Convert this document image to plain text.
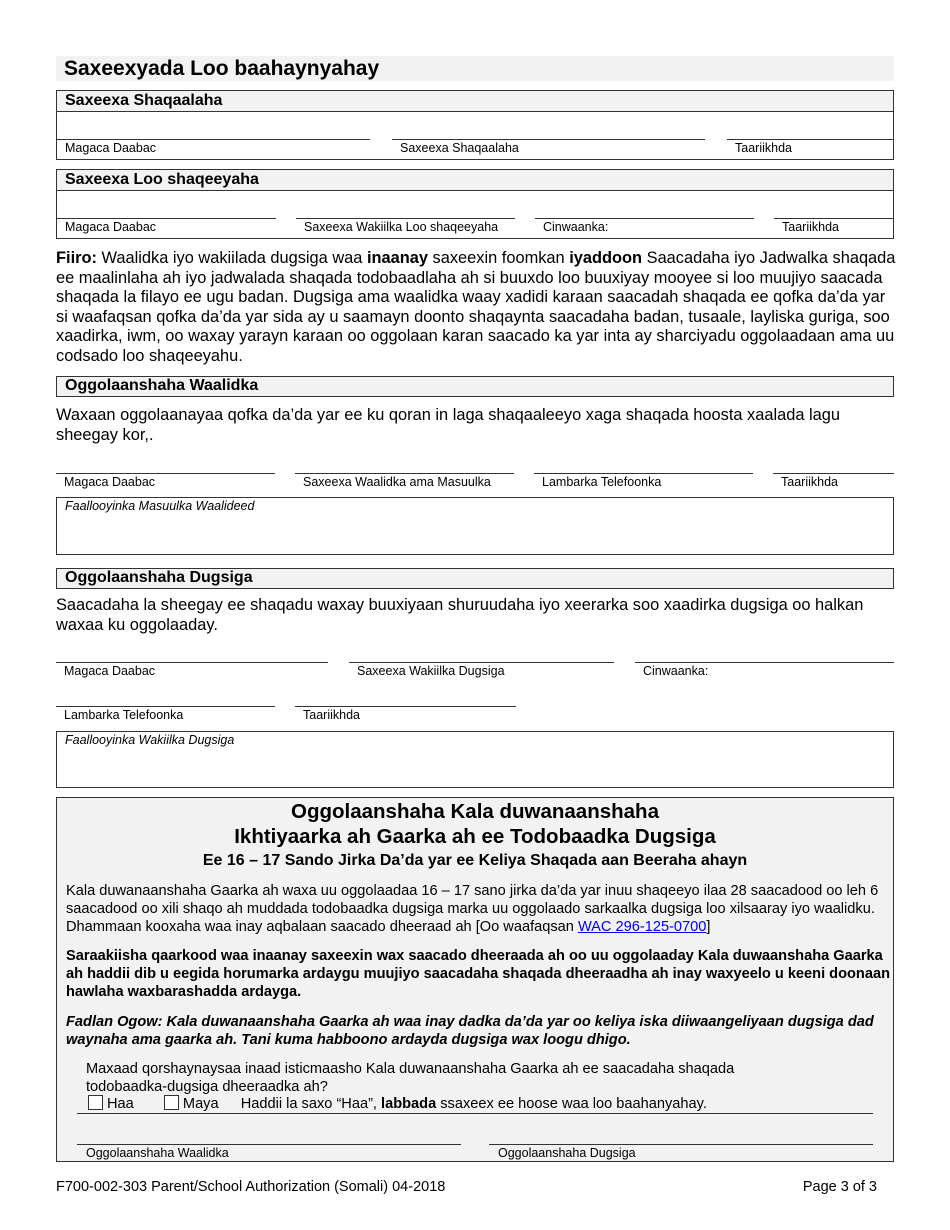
Saxeexyada Loo baahaynyahay
Saxeexa Shaqaalaha
Magaca Daabac	Saxeexa Shaqaalaha	Taariikhda
Saxeexa Loo shaqeeyaha
Magaca Daabac	Saxeexa Wakiilka Loo shaqeeyaha	Cinwaanka:	Taariikhda
Fiiro: Waalidka iyo wakiilada dugsiga waa inaanay saxeexin foomkan iyaddoon Saacadaha iyo Jadwalka shaqada ee maalinlaha ah iyo jadwalada shaqada todobaadlaha ah si buuxdo loo buuxiyay mooyee si loo muujiyo saacada shaqada la filayo ee ugu badan. Dugsiga ama waalidka waay xadidi karaan saacadah shaqada ee qofka da’da yar si waafaqsan qofka da’da yar sida ay u saamayn doonto shaqaynta saacadaha badan, tusaale, layliska guriga, soo xaadirka, iwm, oo waxay yarayn karaan oo oggolaan karan saacado ka yar inta ay sharciyadu oggolaadaan ama uu codsado loo shaqeeyahu.
Oggolaanshaha Waalidka
Waxaan oggolaanayaa qofka da’da yar ee ku qoran in laga shaqaaleeyo xaga shaqada hoosta xaalada lagu sheegay kor,.
Magaca Daabac	Saxeexa Waalidka ama Masuulka	Lambarka Telefoonka	Taariikhda
Faallooyinka Masuulka Waalideed
Oggolaanshaha Dugsiga
Saacadaha la sheegay ee shaqadu waxay buuxiyaan shuruudaha iyo xeerarka soo xaadirka dugsiga oo halkan waxaa ku oggolaaday.
Magaca Daabac	Saxeexa Wakiilka Dugsiga	Cinwaanka:
Lambarka Telefoonka	Taariikhda
Faallooyinka Wakiilka Dugsiga
Oggolaanshaha Kala duwanaanshaha
Ikhtiyaarka ah Gaarka ah ee Todobaadka Dugsiga
Ee 16 – 17 Sando Jirka Da’da yar ee Keliya Shaqada aan Beeraha ahayn
Kala duwanaanshaha Gaarka ah waxa uu oggolaadaa 16 – 17 sano jirka da’da yar inuu shaqeeyo ilaa 28 saacadood oo leh 6 saacadood oo xili shaqo ah muddada todobaadka dugsiga marka uu oggolaado sarkaalka dugsiga loo xilsaaray iyo waalidku. Dhammaan kooxaha waa inay aqbalaan saacado dheeraad ah [Oo waafaqsan WAC 296-125-0700]
Saraakiisha qaarkood waa inaanay saxeexin wax saacado dheeraada ah oo uu oggolaaday Kala duwaanshaha Gaarka ah haddii dib u eegida horumarka ardaygu muujiyo saacadaha shaqada dheeraadha ah inay waxyeelo u keeni doonaan hawlaha waxbarashadda ardayga.
Fadlan Ogow: Kala duwanaanshaha Gaarka ah waa inay dadka da’da yar oo keliya iska diiwaangeliyaan dugsiga dad waynaha ama gaarka ah. Tani kuma habboono ardayda dugsiga wax loogu dhigo.
Maxaad qorshaynaysaa inaad isticmaasho Kala duwanaanshaha Gaarka ah ee saacadaha shaqada todobaadka-dugsiga dheeraadka ah?
Haa	Maya Haddii la saxo “Haa”, labbada ssaxeex ee hoose waa loo baahanyahay.
Oggolaanshaha Waalidka	Oggolaanshaha Dugsiga
F700-002-303 Parent/School Authorization (Somali) 04-2018	Page 3 of 3
